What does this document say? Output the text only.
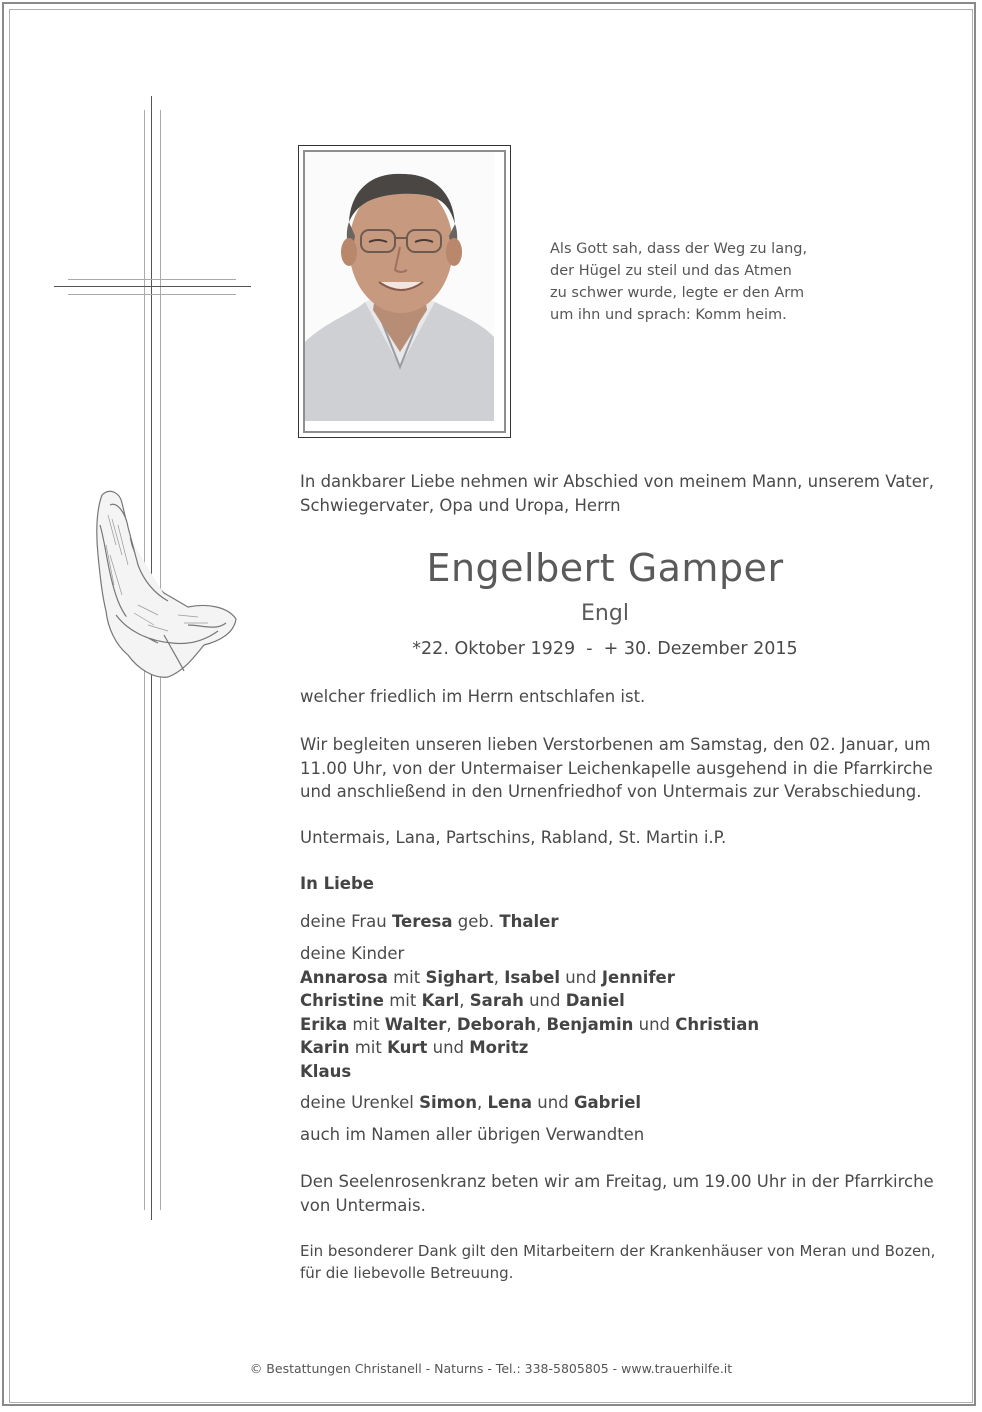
Als Gott sah, dass der Weg zu lang,
der Hügel zu steil und das Atmen
zu schwer wurde, legte er den Arm
um ihn und sprach: Komm heim.
In dankbarer Liebe nehmen wir Abschied von meinem Mann, unserem Vater,
Schwiegervater, Opa und Uropa, Herrn
Engelbert Gamper
Engl
*22. Oktober 1929  -  + 30. Dezember 2015
welcher friedlich im Herrn entschlafen ist.
Wir begleiten unseren lieben Verstorbenen am Samstag, den 02. Januar, um
11.00 Uhr, von der Untermaiser Leichenkapelle ausgehend in die Pfarrkirche
und anschließend in den Urnenfriedhof von Untermais zur Verabschiedung.
Untermais, Lana, Partschins, Rabland, St. Martin i.P.
In Liebe
deine Frau Teresa geb. Thaler
deine Kinder
Annarosa mit Sighart, Isabel und Jennifer
Christine mit Karl, Sarah und Daniel
Erika mit Walter, Deborah, Benjamin und Christian
Karin mit Kurt und Moritz
Klaus
deine Urenkel Simon, Lena und Gabriel
auch im Namen aller übrigen Verwandten
Den Seelenrosenkranz beten wir am Freitag, um 19.00 Uhr in der Pfarrkirche
von Untermais.
Ein besonderer Dank gilt den Mitarbeitern der Krankenhäuser von Meran und Bozen,
für die liebevolle Betreuung.
© Bestattungen Christanell - Naturns - Tel.: 338-5805805 - www.trauerhilfe.it
